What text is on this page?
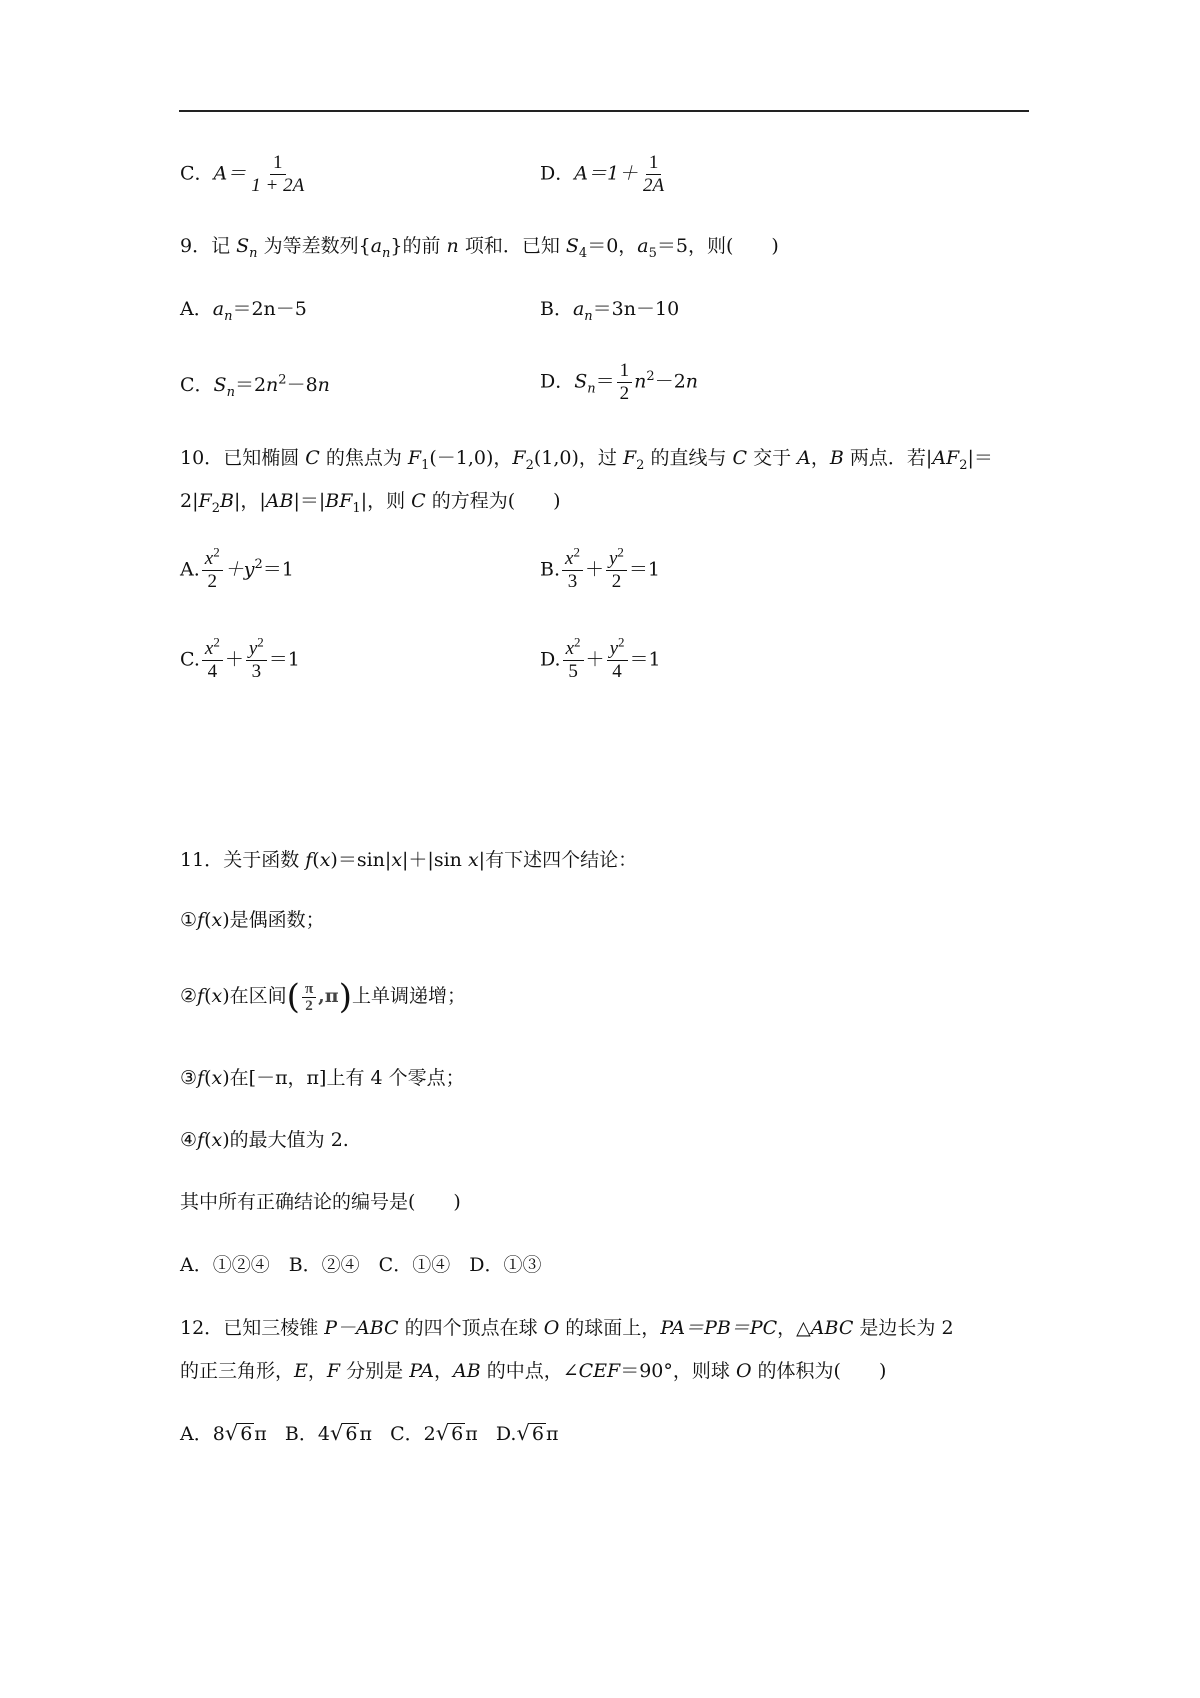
C．$A= \frac{1}{1 + 2A}$	D．$A=1+ \frac{1}{2A}$
9．记 $S_n$ 为等差数列$\{a_n\}$的前 n 项和．已知 $S_4=0$，$a_5=5$，则(　　)
A．$a_n=2n-5$	B．$a_n=3n-10$
C．$S_n=2n^2-8n$	D．$S_n= \frac{1}{2} n^2-2n$
10．已知椭圆 C 的焦点为 $F_1(-1,0)$，$F_2(1,0)$，过 $F_2$ 的直线与 C 交于 A，B 两点．若$|AF_2|=$
$2|F_2B|$，$|AB|=|BF_1|$，则 C 的方程为(　　)
A. $\frac{x^2}{2} +y^2=1$	B. $\frac{x^2}{3} + \frac{y^2}{2} =1$
C. $\frac{x^2}{4} + \frac{y^2}{3} =1$	D. $\frac{x^2}{5} + \frac{y^2}{4} =1$
11．关于函数 f(x)＝sin|x|＋|sin x|有下述四个结论：
①f(x)是偶函数；
②f(x)在区间( $\frac{\pi}{2} ,\pi$)上单调递增；
③f(x)在[－π，π]上有 4 个零点；
④f(x)的最大值为 2.
其中所有正确结论的编号是(　　)
A．①②④　B．②④　C．①④　D．①③
12．已知三棱锥 P－ABC 的四个顶点在球 O 的球面上，PA＝PB＝PC，△ABC 是边长为 2
的正三角形，E，F 分别是 PA，AB 的中点，∠CEF＝90°，则球 O 的体积为(　　)
A．8 √ 6 π B．4 √ 6 π C．2 √ 6 π D. √ 6 π
